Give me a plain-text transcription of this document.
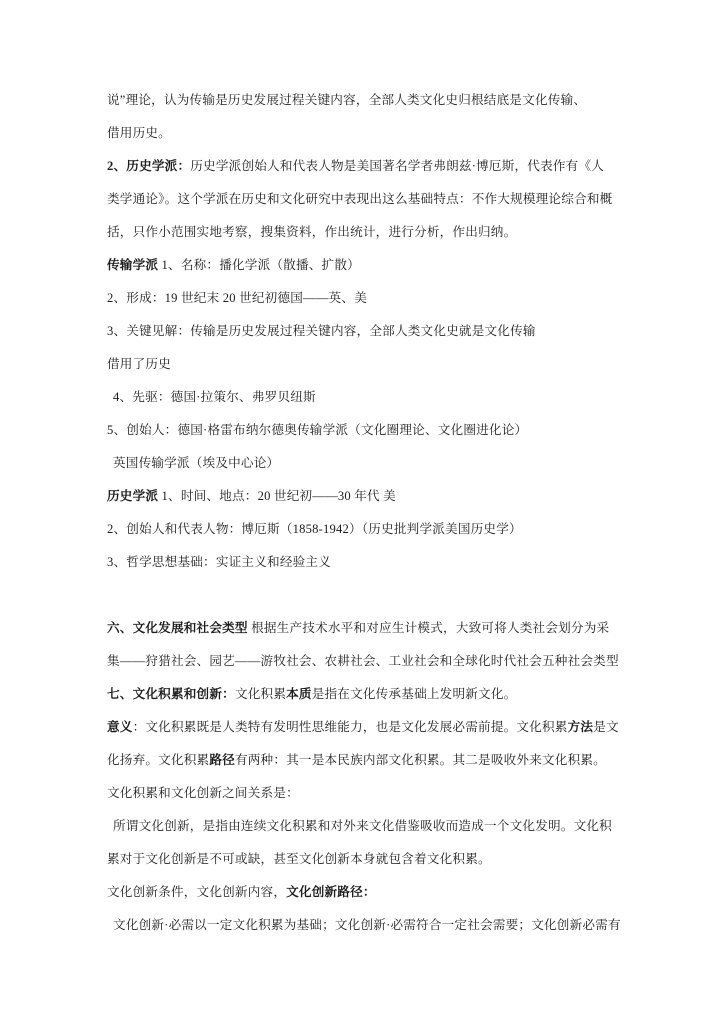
说”理论，认为传输是历史发展过程关键内容，全部人类文化史归根结底是文化传输、
借用历史。
2、历史学派：历史学派创始人和代表人物是美国著名学者弗朗兹·博厄斯，代表作有《人
类学通论》。这个学派在历史和文化研究中表现出这么基础特点：不作大规模理论综合和概
括，只作小范围实地考察，搜集资料，作出统计，进行分析，作出归纳。
传输学派 1、名称：播化学派（散播、扩散）
2、形成：19 世纪末 20 世纪初德国——英、美
3、关键见解：传输是历史发展过程关键内容，全部人类文化史就是文化传输
借用了历史
4、先驱：德国·拉策尔、弗罗贝纽斯
5、创始人：德国·格雷布纳尔德奥传输学派（文化圈理论、文化圈进化论）
英国传输学派（埃及中心论）
历史学派 1、时间、地点：20 世纪初——30 年代 美
2、创始人和代表人物：博厄斯（1858-1942）（历史批判学派美国历史学）
3、哲学思想基础：实证主义和经验主义

六、文化发展和社会类型 根据生产技术水平和对应生计模式，大致可将人类社会划分为采
集——狩猎社会、园艺——游牧社会、农耕社会、工业社会和全球化时代社会五种社会类型
七、文化积累和创新：文化积累本质是指在文化传承基础上发明新文化。
意义：文化积累既是人类特有发明性思维能力，也是文化发展必需前提。文化积累方法是文
化扬弃。文化积累路径有两种：其一是本民族内部文化积累。其二是吸收外来文化积累。
文化积累和文化创新之间关系是：
所谓文化创新，是指由连续文化积累和对外来文化借鉴吸收而造成一个文化发明。文化积
累对于文化创新是不可或缺，甚至文化创新本身就包含着文化积累。
文化创新条件，文化创新内容，文化创新路径：
文化创新·必需以一定文化积累为基础；文化创新·必需符合一定社会需要；文化创新必需有
